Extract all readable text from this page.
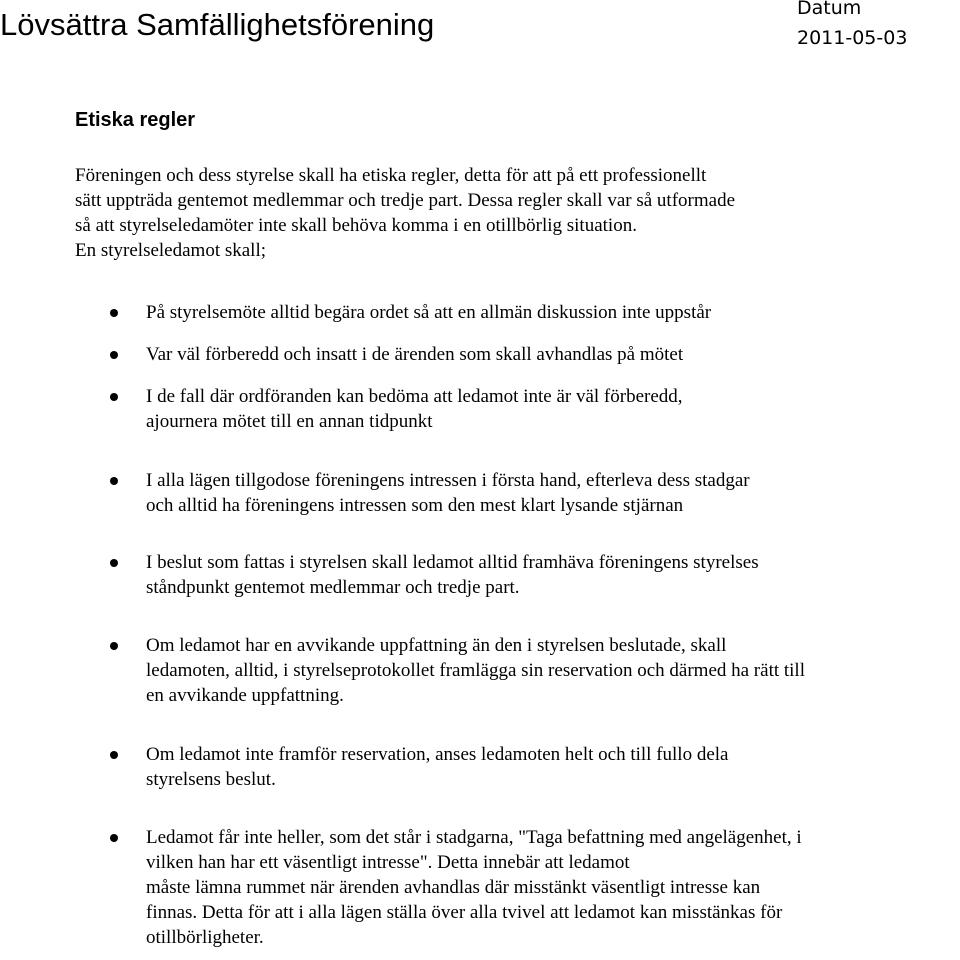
Lövsättra Samfällighetsförening	Datum
2011-05-03
Etiska regler
Föreningen och dess styrelse skall ha etiska regler, detta för att på ett professionellt
sätt uppträda gentemot medlemmar och tredje part. Dessa regler skall var så utformade
så att styrelseledamöter inte skall behöva komma i en otillbörlig situation.
En styrelseledamot skall;
På styrelsemöte alltid begära ordet så att en allmän diskussion inte uppstår
Var väl förberedd och insatt i de ärenden som skall avhandlas på mötet
I de fall där ordföranden kan bedöma att ledamot inte är väl förberedd,
ajournera mötet till en annan tidpunkt
I alla lägen tillgodose föreningens intressen i första hand, efterleva dess stadgar
och alltid ha föreningens intressen som den mest klart lysande stjärnan
I beslut som fattas i styrelsen skall ledamot alltid framhäva föreningens styrelses
ståndpunkt gentemot medlemmar och tredje part.
Om ledamot har en avvikande uppfattning än den i styrelsen beslutade, skall
ledamoten, alltid, i styrelseprotokollet framlägga sin reservation och därmed ha rätt till
en avvikande uppfattning.
Om ledamot inte framför reservation, anses ledamoten helt och till fullo dela
styrelsens beslut.
Ledamot får inte heller, som det står i stadgarna, "Taga befattning med angelägenhet, i
vilken han har ett väsentligt intresse". Detta innebär att ledamot
måste lämna rummet när ärenden avhandlas där misstänkt väsentligt intresse kan
finnas. Detta för att i alla lägen ställa över alla tvivel att ledamot kan misstänkas för
otillbörligheter.
